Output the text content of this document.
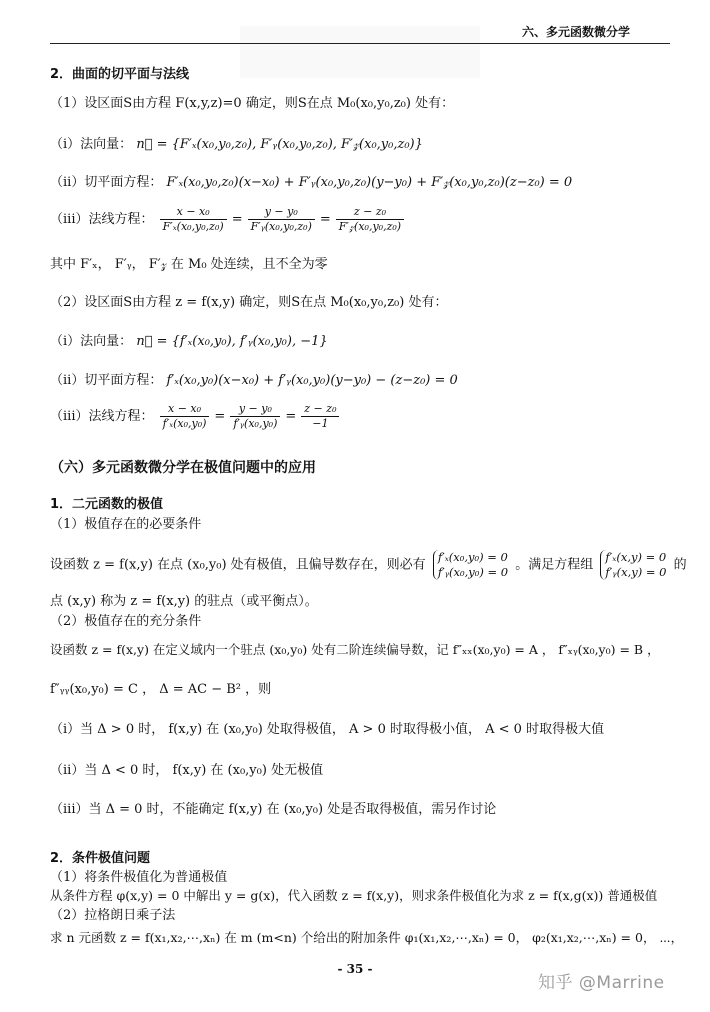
六、多元函数微分学
2．曲面的切平面与法线
（1）设区面S由方程 F(x,y,z)=0 确定，则S在点 M₀(x₀,y₀,z₀) 处有：
（i）法向量： n⃗ = {F′ₓ(x₀,y₀,z₀), F′ᵧ(x₀,y₀,z₀), F′𝓏(x₀,y₀,z₀)}
（ii）切平面方程： F′ₓ(x₀,y₀,z₀)(x−x₀) + F′ᵧ(x₀,y₀,z₀)(y−y₀) + F′𝓏(x₀,y₀,z₀)(z−z₀) = 0
（iii）法线方程： $\frac{\text{x − x₀}}{\text{F′ₓ(x₀,y₀,z₀)}} = \frac{\text{y − y₀}}{\text{F′ᵧ(x₀,y₀,z₀)}} = \frac{\text{z − z₀}}{\text{F′𝓏(x₀,y₀,z₀)}}$
其中 F′ₓ， F′ᵧ， F′𝓏 在 M₀ 处连续，且不全为零
（2）设区面S由方程 z = f(x,y) 确定，则S在点 M₀(x₀,y₀,z₀) 处有：
（i）法向量： n⃗ = {f′ₓ(x₀,y₀), f′ᵧ(x₀,y₀), −1}
（ii）切平面方程： f′ₓ(x₀,y₀)(x−x₀) + f′ᵧ(x₀,y₀)(y−y₀) − (z−z₀) = 0
（iii）法线方程： $\frac{\text{x − x₀}}{\text{f′ₓ(x₀,y₀)}} = \frac{\text{y − y₀}}{\text{f′ᵧ(x₀,y₀)}} = \frac{\text{z − z₀}}{-1}$
（六）多元函数微分学在极值问题中的应用
1．二元函数的极值
（1）极值存在的必要条件
设函数 z = f(x,y) 在点 (x₀,y₀) 处有极值，且偏导数存在，则必有
f′ₓ(x₀,y₀) = 0
f′ᵧ(x₀,y₀) = 0 。满足方程组
f′ₓ(x,y) = 0
f′ᵧ(x,y) = 0 的
点 (x,y) 称为 z = f(x,y) 的驻点（或平衡点）。
（2）极值存在的充分条件
设函数 z = f(x,y) 在定义域内一个驻点 (x₀,y₀) 处有二阶连续偏导数，记 f″ₓₓ(x₀,y₀) = A ， f″ₓᵧ(x₀,y₀) = B ，
f″ᵧᵧ(x₀,y₀) = C ， Δ = AC − B² ，则
（i）当 Δ > 0 时， f(x,y) 在 (x₀,y₀) 处取得极值， A > 0 时取得极小值， A < 0 时取得极大值
（ii）当 Δ < 0 时， f(x,y) 在 (x₀,y₀) 处无极值
（iii）当 Δ = 0 时，不能确定 f(x,y) 在 (x₀,y₀) 处是否取得极值，需另作讨论
2．条件极值问题
（1）将条件极值化为普通极值
从条件方程 φ(x,y) = 0 中解出 y = g(x)，代入函数 z = f(x,y)，则求条件极值化为求 z = f(x,g(x)) 普通极值
（2）拉格朗日乘子法
求 n 元函数 z = f(x₁,x₂,⋯,xₙ) 在 m (m<n) 个给出的附加条件 φ₁(x₁,x₂,⋯,xₙ) = 0， φ₂(x₁,x₂,⋯,xₙ) = 0， ⋯，
- 35 -
知乎 @Marrine
